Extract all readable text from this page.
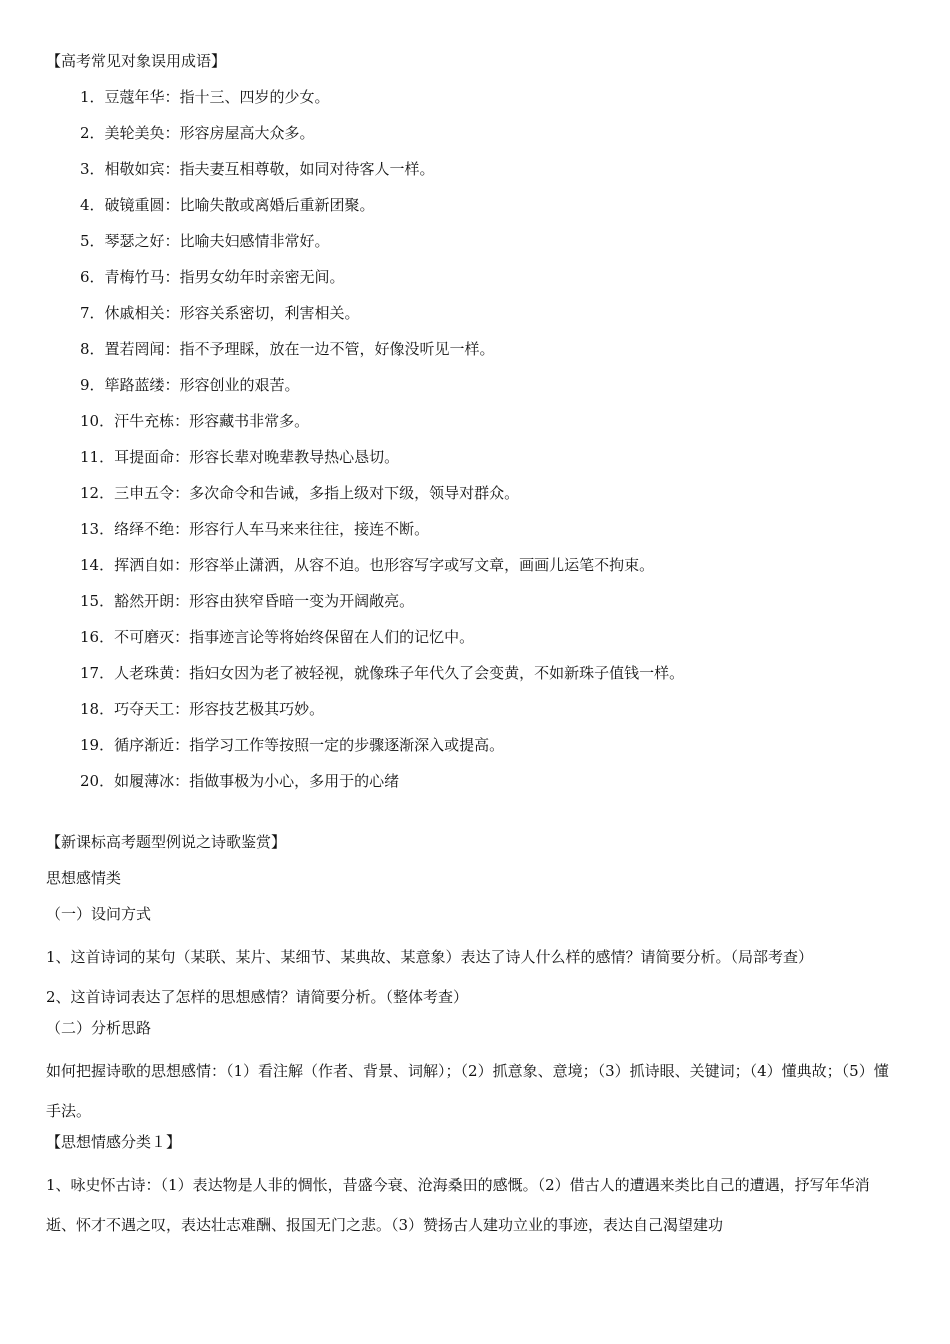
【高考常见对象误用成语】
1．豆蔻年华：指十三、四岁的少女。
2．美轮美奂：形容房屋高大众多。
3．相敬如宾：指夫妻互相尊敬，如同对待客人一样。
4．破镜重圆：比喻失散或离婚后重新团聚。
5．琴瑟之好：比喻夫妇感情非常好。
6．青梅竹马：指男女幼年时亲密无间。
7．休戚相关：形容关系密切，利害相关。
8．置若罔闻：指不予理睬，放在一边不管，好像没听见一样。
9．筚路蓝缕：形容创业的艰苦。
10．汗牛充栋：形容藏书非常多。
11．耳提面命：形容长辈对晚辈教导热心恳切。
12．三申五令：多次命令和告诫，多指上级对下级，领导对群众。
13．络绎不绝：形容行人车马来来往往，接连不断。
14．挥洒自如：形容举止潇洒，从容不迫。也形容写字或写文章，画画儿运笔不拘束。
15．豁然开朗：形容由狭窄昏暗一变为开阔敞亮。
16．不可磨灭：指事迹言论等将始终保留在人们的记忆中。
17．人老珠黄：指妇女因为老了被轻视，就像珠子年代久了会变黄，不如新珠子值钱一样。
18．巧夺天工：形容技艺极其巧妙。
19．循序渐近：指学习工作等按照一定的步骤逐渐深入或提高。
20．如履薄冰：指做事极为小心，多用于的心绪
【新课标高考题型例说之诗歌鉴赏】
思想感情类
（一）设问方式
1、这首诗词的某句（某联、某片、某细节、某典故、某意象）表达了诗人什么样的感情？请简要分析。（局部考查）
2、这首诗词表达了怎样的思想感情？请简要分析。（整体考查）
（二）分析思路
如何把握诗歌的思想感情：（1）看注解（作者、背景、词解）；（2）抓意象、意境；（3）抓诗眼、关键词；（4）懂典故；（5）懂手法。
【思想情感分类１】
1、咏史怀古诗：（1）表达物是人非的惆怅，昔盛今衰、沧海桑田的感慨。（2）借古人的遭遇来类比自己的遭遇，抒写年华消逝、怀才不遇之叹，表达壮志难酬、报国无门之悲。（3）赞扬古人建功立业的事迹，表达自己渴望建功
